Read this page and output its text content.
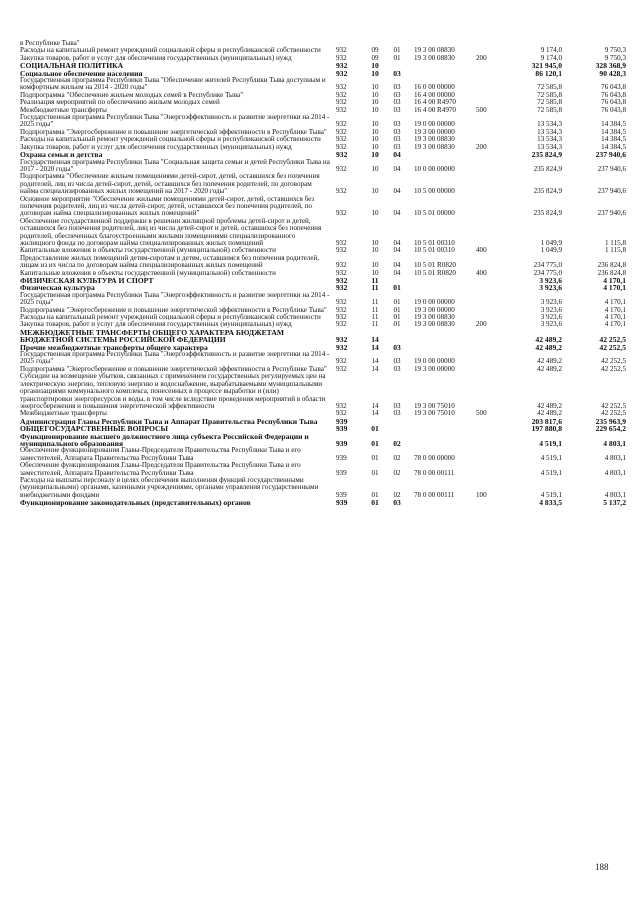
в Республике Тыва"							
Расходы на капитальный ремонт учреждений социальной сферы и республиканской собственности	932	09	01	19 3 00 08830		9 174,0	9 750,3
Закупка товаров, работ и услуг для обеспечения государственных (муниципальных) нужд	932	09	01	19 3 00 08830	200	9 174,0	9 750,3
СОЦИАЛЬНАЯ ПОЛИТИКА	932	10				321 945,0	328 368,9
Социальное обеспечение населения	932	10	03			86 120,1	90 428,3
Государственная программа Республики Тыва "Обеспечение жителей Республики Тыва доступным и комфортным жильем на 2014 - 2020 годы"	932	10	03	16 0 00 00000		72 585,8	76 043,8
Подпрограмма "Обеспечение жильем молодых семей в Республике Тыва"	932	10	03	16 4 00 00000		72 585,8	76 043,8
Реализация мероприятий по обеспечению жильем молодых семей	932	10	03	16 4 00 R4970		72 585,8	76 043,8
Межбюджетные трансферты	932	10	03	16 4 00 R4970	500	72 585,8	76 043,8
Государственная программа Республики Тыва "Энергоэффективность и развитие энергетики на 2014 - 2025 годы"	932	10	03	19 0 00 00000		13 534,3	14 384,5
Подпрограмма "Энергосбережение и повышение энергетической эффективности в Республике Тыва"	932	10	03	19 3 00 00000		13 534,3	14 384,5
Расходы на капитальный ремонт учреждений социальной сферы и республиканской собственности	932	10	03	19 3 00 08830		13 534,3	14 384,5
Закупка товаров, работ и услуг для обеспечения государственных (муниципальных) нужд	932	10	03	19 3 00 08830	200	13 534,3	14 384,5
Охрана семьи и детства	932	10	04			235 824,9	237 940,6
Государственная программа Республики Тыва "Социальная защита семьи и детей Республики Тыва на 2017 - 2020 годы"	932	10	04	10 0 00 00000		235 824,9	237 940,6
Подпрограмма "Обеспечение жильем помещениями детей-сирот, детей, оставшихся без попечения родителей, лиц из числа детей-сирот, детей, оставшихся без попечения родителей, по договорам найма специализированных жилых помещений на 2017 - 2020 годы"	932	10	04	10 5 00 00000		235 824,9	237 940,6
Основное мероприятие "Обеспечение жилыми помещениями детей-сирот, детей, оставшихся без попечения родителей, лиц из числа детей-сирот, детей, оставшихся без попечения родителей, по договорам найма специализированных жилых помещений"	932	10	04	10 5 01 00000		235 824,9	237 940,6
Обеспечение государственной поддержки в решении жилищной проблемы детей-сирот и детей, оставшихся без попечения родителей, лиц из числа детей-сирот и детей, оставшихся без попечения родителей, обеспеченных благоустроенными жилыми помещениями специализированного жилищного фонда по договорам найма специализированных жилых помещений	932	10	04	10 5 01 00310		1 049,9	1 115,8
Капитальные вложения в объекты государственной (муниципальной) собственности	932	10	04	10 5 01 00310	400	1 049,9	1 115,8
Предоставление жилых помещений детям-сиротам и детям, оставшимся без попечения родителей, лицам из их числа по договорам найма специализированных жилых помещений	932	10	04	10 5 01 R0820		234 775,0	236 824,8
Капитальные вложения в объекты государственной (муниципальной) собственности	932	10	04	10 5 01 R0820	400	234 775,0	236 824,8
ФИЗИЧЕСКАЯ КУЛЬТУРА И СПОРТ	932	11				3 923,6	4 170,1
Физическая культура	932	11	01			3 923,6	4 170,1
Государственная программа Республики Тыва "Энергоэффективность и развитие энергетики на 2014 - 2025 годы"	932	11	01	19 0 00 00000		3 923,6	4 170,1
Подпрограмма "Энергосбережение и повышение энергетической эффективности в Республике Тыва"	932	11	01	19 3 00 00000		3 923,6	4 170,1
Расходы на капитальный ремонт учреждений социальной сферы и республиканской собственности	932	11	01	19 3 00 08830		3 923,6	4 170,1
Закупка товаров, работ и услуг для обеспечения государственных (муниципальных) нужд	932	11	01	19 3 00 08830	200	3 923,6	4 170,1
МЕЖБЮДЖЕТНЫЕ ТРАНСФЕРТЫ ОБЩЕГО ХАРАКТЕРА БЮДЖЕТАМ БЮДЖЕТНОЙ СИСТЕМЫ РОССИЙСКОЙ ФЕДЕРАЦИИ	932	14				42 489,2	42 252,5
Прочие межбюджетные трансферты общего характера	932	14	03			42 489,2	42 252,5
Государственная программа Республики Тыва "Энергоэффективность и развитие энергетики на 2014 - 2025 годы"	932	14	03	19 0 00 00000		42 489,2	42 252,5
Подпрограмма "Энергосбережение и повышение энергетической эффективности в Республике Тыва"	932	14	03	19 3 00 00000		42 489,2	42 252,5
Субсидии на возмещение убытков, связанных с применением государственных регулируемых цен на электрическую энергию, тепловую энергию и водоснабжение, вырабатываемыми муниципальными организациями коммунального комплекса, понесенных в процессе выработки и (или) транспортировки энергоресурсов и воды, в том числе вследствие проведения мероприятий в области энергосбережения и повышения энергетической эффективности	932	14	03	19 3 00 75010		42 489,2	42 252,5
Межбюджетные трансферты	932	14	03	19 3 00 75010	500	42 489,2	42 252,5
Администрация Главы Республики Тыва и Аппарат Правительства Республики Тыва	939					203 817,6	235 963,9
ОБЩЕГОСУДАРСТВЕННЫЕ ВОПРОСЫ	939	01				197 880,8	229 654,2
Функционирование высшего должностного лица субъекта Российской Федерации и муниципального образования	939	01	02			4 519,1	4 803,1
Обеспечение функционирования Главы-Председателя Правительства Республики Тыва и его заместителей, Аппарата Правительства Республики Тыва	939	01	02	78 0 00 00000		4 519,1	4 803,1
Обеспечение функционирования Главы-Председателя Правительства Республики Тыва и его заместителей, Аппарата Правительства Республики Тыва	939	01	02	78 0 00 00111		4 519,1	4 803,1
Расходы на выплаты персоналу в целях обеспечения выполнения функций государственными (муниципальными) органами, казенными учреждениями, органами управления государственными внебюджетными фондами	939	01	02	78 0 00 00111	100	4 519,1	4 803,1
Функционирование законодательных (представительных) органов	939	01	03			4 833,5	5 137,2
188
